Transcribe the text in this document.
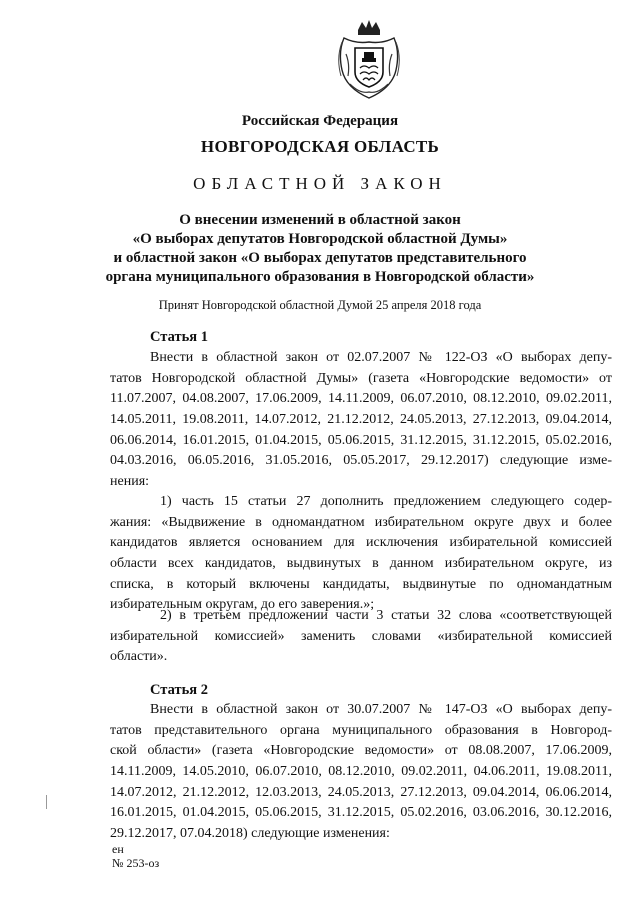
Российская Федерация
НОВГОРОДСКАЯ ОБЛАСТЬ
ОБЛАСТНОЙ ЗАКОН
О внесении изменений в областной закон
«О выборах депутатов Новгородской областной Думы»
и областной закон «О выборах депутатов представительного
органа муниципального образования в Новгородской области»
Принят Новгородской областной Думой 25 апреля 2018 года
Статья 1
Внести в областной закон от 02.07.2007 № 122-ОЗ «О выборах депу-
татов Новгородской областной Думы» (газета «Новгородские ведомости» от
11.07.2007, 04.08.2007, 17.06.2009, 14.11.2009, 06.07.2010, 08.12.2010, 09.02.2011,
14.05.2011, 19.08.2011, 14.07.2012, 21.12.2012, 24.05.2013, 27.12.2013, 09.04.2014,
06.06.2014, 16.01.2015, 01.04.2015, 05.06.2015, 31.12.2015, 31.12.2015, 05.02.2016,
04.03.2016, 06.05.2016, 31.05.2016, 05.05.2017, 29.12.2017) следующие изме-
нения:
1) часть 15 статьи 27 дополнить предложением следующего содер-
жания: «Выдвижение в одномандатном избирательном округе двух и более
кандидатов является основанием для исключения избирательной комиссией
области всех кандидатов, выдвинутых в данном избирательном округе, из
списка, в который включены кандидаты, выдвинутые по одномандатным
избирательным округам, до его заверения.»;
2) в третьем предложении части 3 статьи 32 слова «соответствующей
избирательной комиссией» заменить словами «избирательной комиссией
области».
Статья 2
Внести в областной закон от 30.07.2007 № 147-ОЗ «О выборах депу-
татов представительного органа муниципального образования в Новгород-
ской области» (газета «Новгородские ведомости» от 08.08.2007, 17.06.2009,
14.11.2009, 14.05.2010, 06.07.2010, 08.12.2010, 09.02.2011, 04.06.2011, 19.08.2011,
14.07.2012, 21.12.2012, 12.03.2013, 24.05.2013, 27.12.2013, 09.04.2014, 06.06.2014,
16.01.2015, 01.04.2015, 05.06.2015, 31.12.2015, 05.02.2016, 03.06.2016, 30.12.2016,
29.12.2017, 07.04.2018) следующие изменения:
ен
№ 253-оз
